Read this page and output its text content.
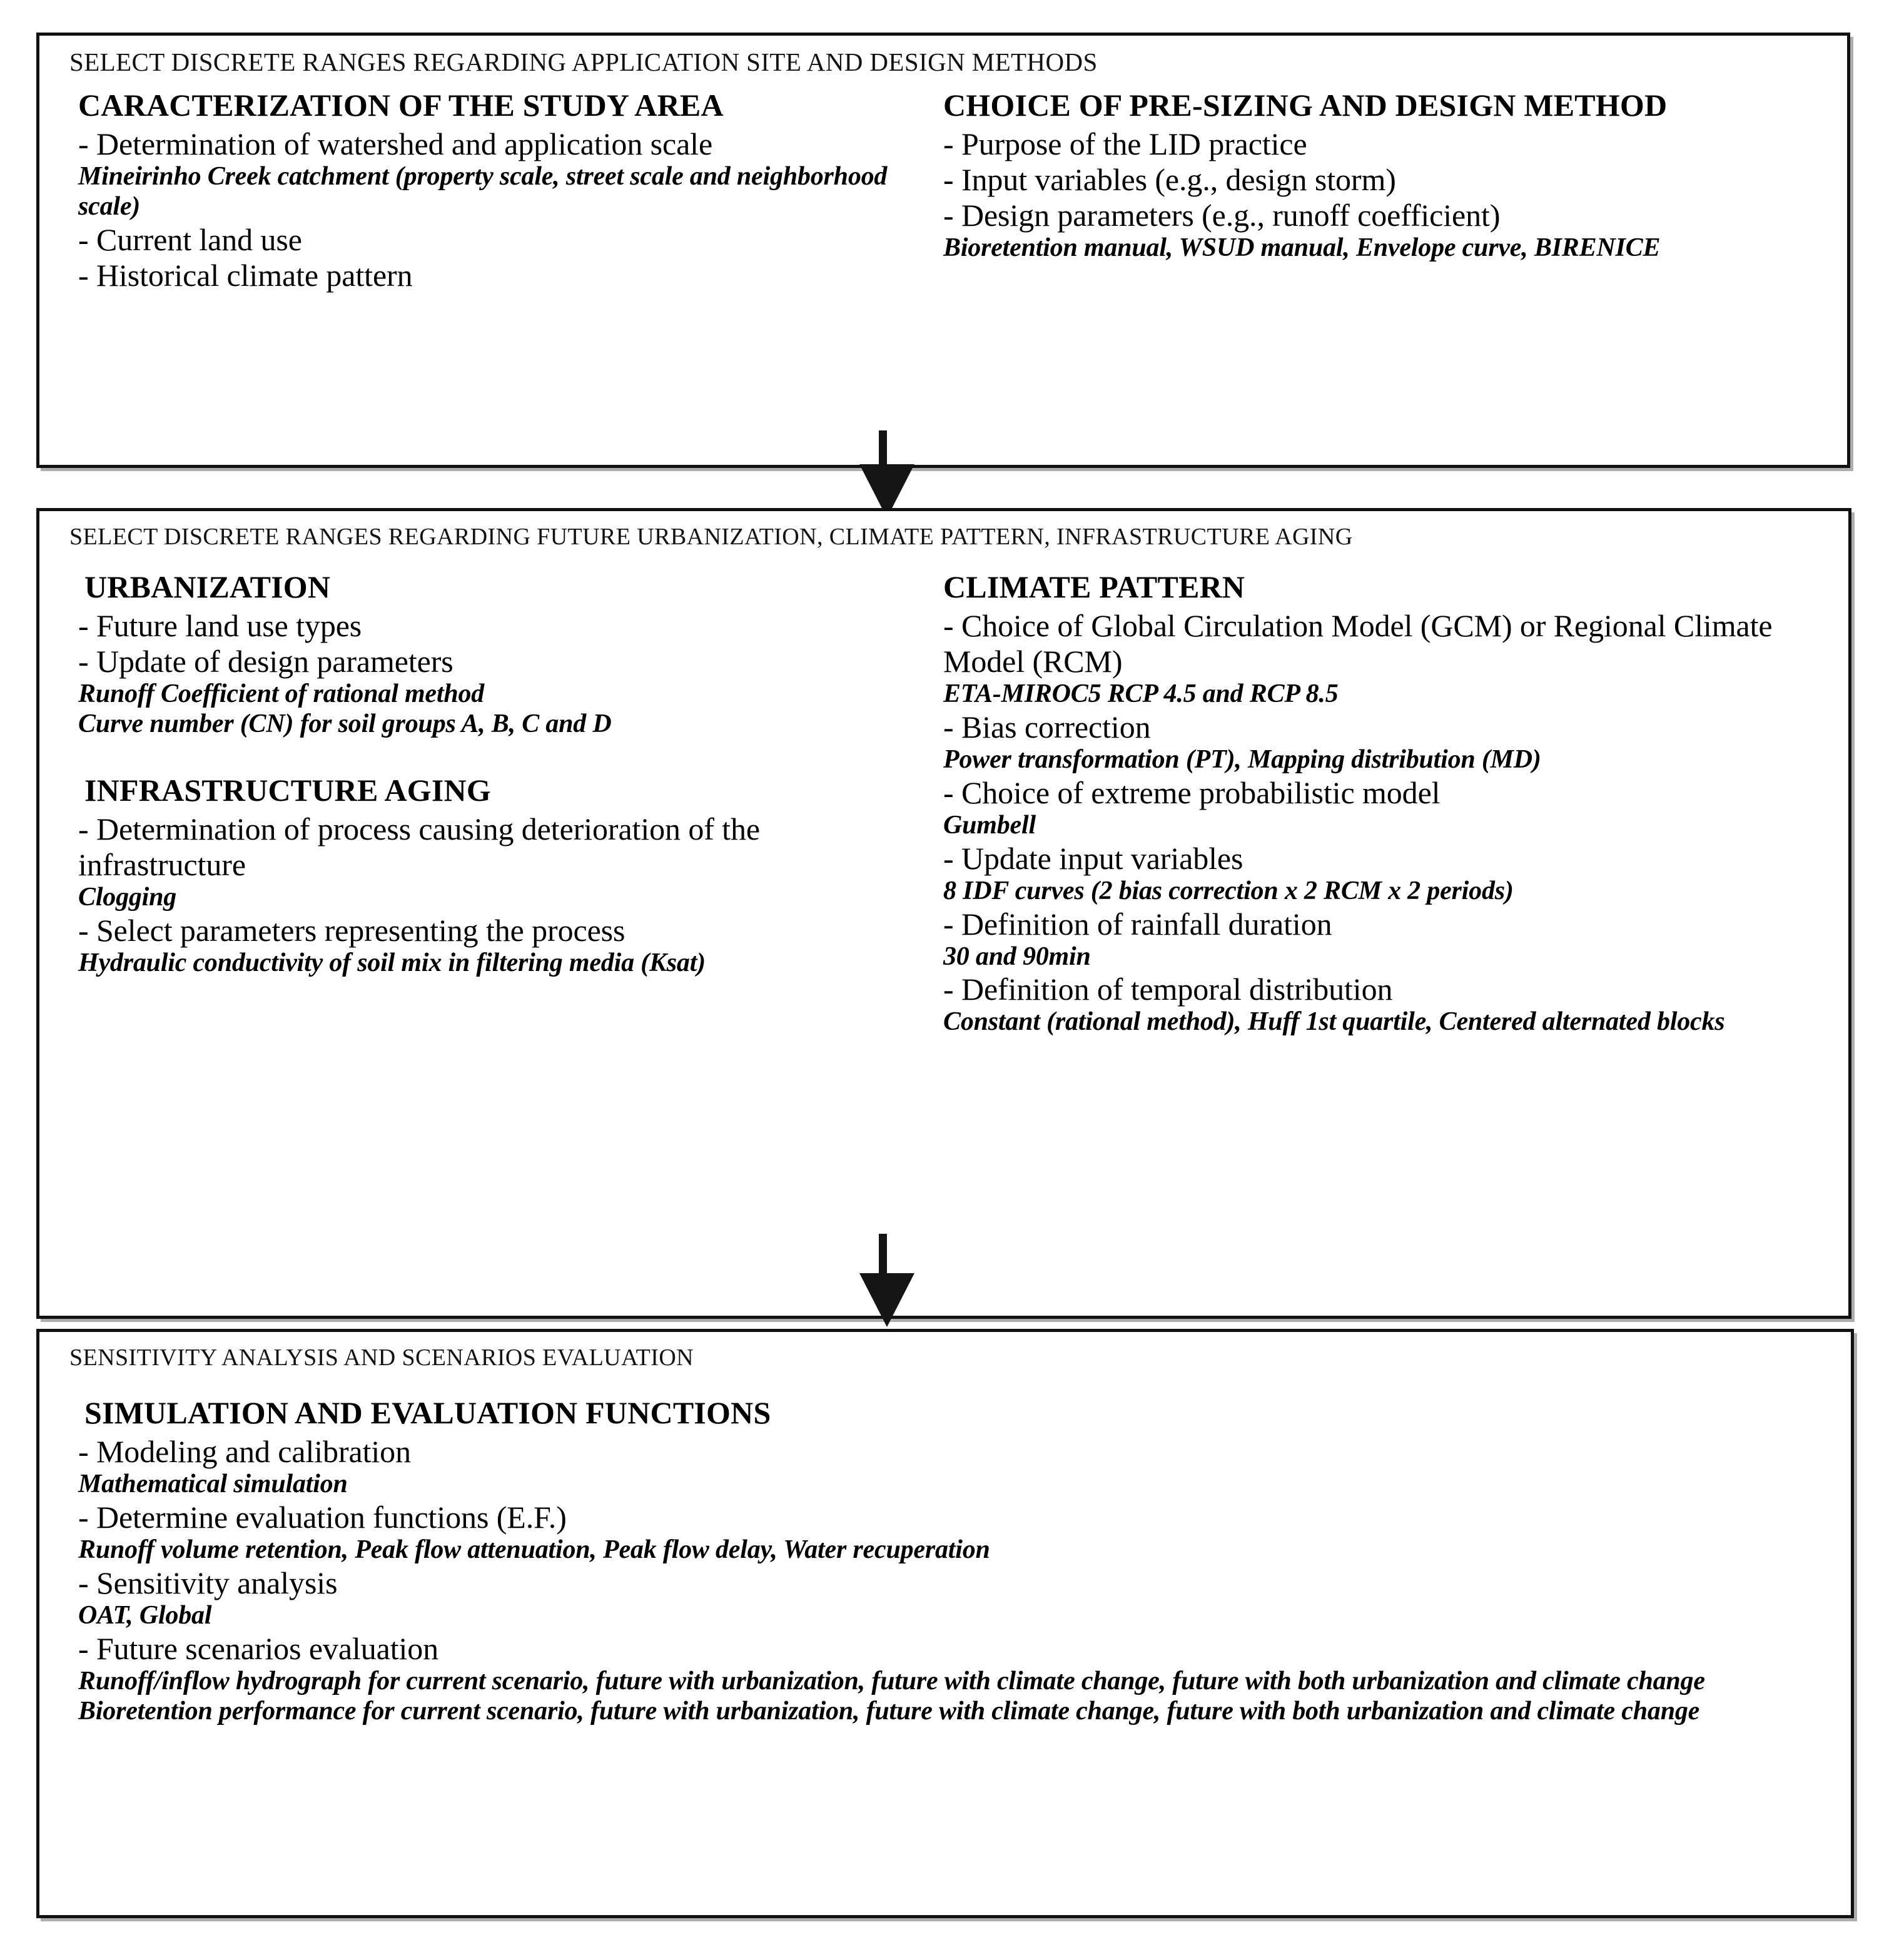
SELECT DISCRETE RANGES REGARDING APPLICATION SITE AND DESIGN METHODS
CARACTERIZATION OF THE STUDY AREA
- Determination of watershed and application scale
Mineirinho Creek catchment (property scale, street scale and neighborhood scale)
- Current land use
- Historical climate pattern
CHOICE OF PRE-SIZING AND DESIGN METHOD
- Purpose of the LID practice
- Input variables (e.g., design storm)
- Design parameters (e.g., runoff coefficient)
Bioretention manual, WSUD manual, Envelope curve, BIRENICE
SELECT DISCRETE RANGES REGARDING FUTURE URBANIZATION, CLIMATE PATTERN, INFRASTRUCTURE AGING
URBANIZATION
- Future land use types
- Update of design parameters
Runoff Coefficient of rational method
Curve number (CN) for soil groups A, B, C and D
INFRASTRUCTURE AGING
- Determination of process causing deterioration of the infrastructure
Clogging
- Select parameters representing the process
Hydraulic conductivity of soil mix in filtering media (Ksat)
CLIMATE PATTERN
- Choice of Global Circulation Model (GCM) or Regional Climate Model (RCM)
ETA-MIROC5 RCP 4.5 and RCP 8.5
- Bias correction
Power transformation (PT), Mapping distribution (MD)
- Choice of extreme probabilistic model
Gumbell
- Update input variables
8 IDF curves (2 bias correction x 2 RCM x 2 periods)
- Definition of rainfall duration
30 and 90min
- Definition of temporal distribution
Constant (rational method), Huff 1st quartile, Centered alternated blocks
SENSITIVITY ANALYSIS AND SCENARIOS EVALUATION
SIMULATION AND EVALUATION FUNCTIONS
- Modeling and calibration
Mathematical simulation
- Determine evaluation functions (E.F.)
Runoff volume retention, Peak flow attenuation, Peak flow delay, Water recuperation
- Sensitivity analysis
OAT, Global
- Future scenarios evaluation
Runoff/inflow hydrograph for current scenario, future with urbanization, future with climate change, future with both urbanization and climate change
Bioretention performance for current scenario, future with urbanization, future with climate change, future with both urbanization and climate change
